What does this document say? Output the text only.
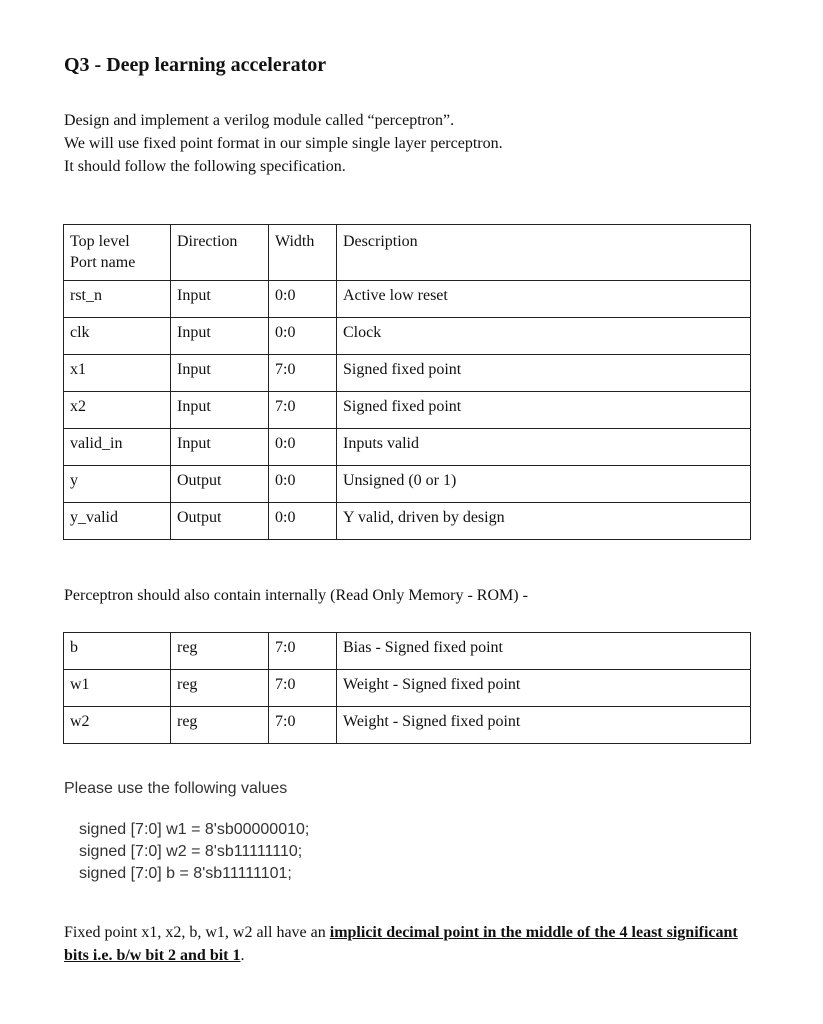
Q3 - Deep learning accelerator
Design and implement a verilog module called “perceptron”.
We will use fixed point format in our simple single layer perceptron.
It should follow the following specification.
Top level
Port name	Direction	Width	Description
rst_n	Input	0:0	Active low reset
clk	Input	0:0	Clock
x1	Input	7:0	Signed fixed point
x2	Input	7:0	Signed fixed point
valid_in	Input	0:0	Inputs valid
y	Output	0:0	Unsigned (0 or 1)
y_valid	Output	0:0	Y valid, driven by design
Perceptron should also contain internally (Read Only Memory - ROM) -
b	reg	7:0	Bias - Signed fixed point
w1	reg	7:0	Weight - Signed fixed point
w2	reg	7:0	Weight - Signed fixed point
Please use the following values
signed [7:0] w1 = 8'sb00000010;
signed [7:0] w2 = 8'sb11111110;
signed [7:0] b = 8'sb11111101;
Fixed point x1, x2, b, w1, w2 all have an implicit decimal point in the middle of the 4 least significant bits i.e. b/w bit 2 and bit 1.
